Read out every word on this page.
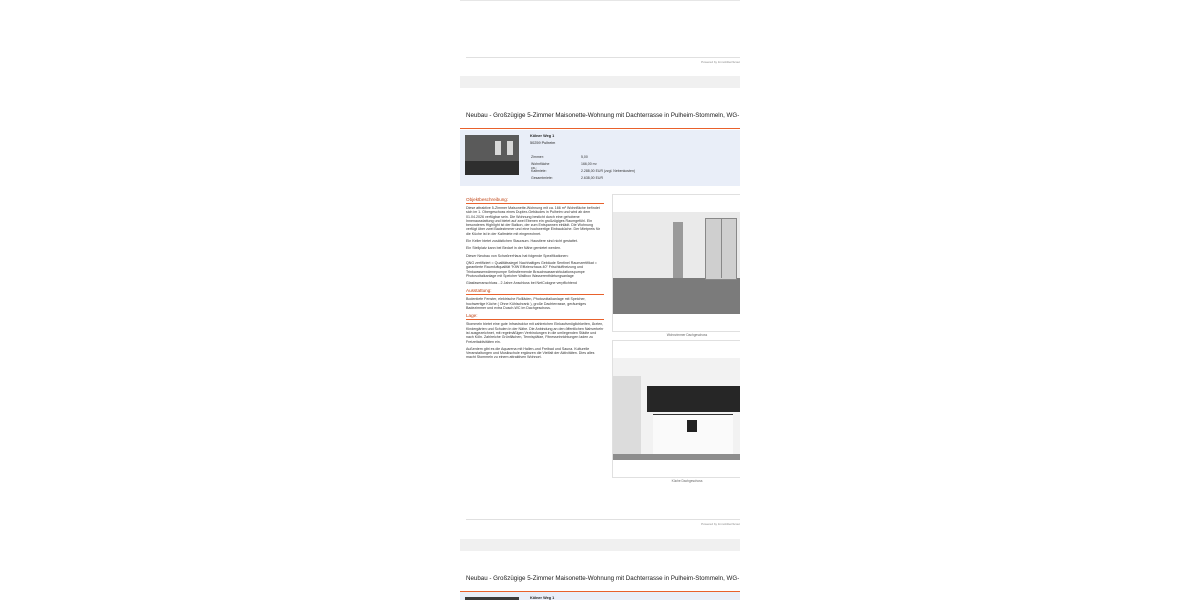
Powered by ImmobilienScout
Neubau - Großzügige 5-Zimmer Maisonette-Wohnung mit Dachterrasse in Pulheim-Stommeln, WG-
Kölner Weg 1
50259 Pulheim
Zimmer:	5,00
Wohnfläche ca.:
166,00 m²
Kaltmiete:	2.288,00 EUR (zzgl. Nebenkosten)
Gesamtmiete:	2.638,00 EUR
Objektbeschreibung:

Diese attraktive 5-Zimmer Maisonette-Wohnung mit ca. 166 m² Wohnfläche befindet sich im 1. Obergeschoss eines Duplex-Gebäudes in Pulheim und wird ab dem 01.04.2026 verfügbar sein. Die Wohnung besticht durch eine gehobene Innenausstattung und bietet auf zwei Ebenen ein großzügiges Raumgefühl. Ein besonderes Highlight ist der Balkon, der zum Entspannen einlädt. Die Wohnung verfügt über zwei Badezimmer und eine hochwertige Einbauküche. Der Mietpreis für die Küche ist in der Kaltmiete mit eingerechnet.

Ein Keller bietet zusätzlichen Stauraum. Haustiere sind nicht gestattet.

Ein Stellplatz kann bei Bedarf in der Nähe gemietet werden.

Dieser Neubau von SchwörerHaus hat folgende Spezifikationen:

QNG zertifiziert = Qualitätssiegel Nachhaltiges Gebäude Sentinel Raumzertifikat = garantierte Raumluftqualität "KfW Effizienzhaus 40" Frischluftheizung und Trinkwasserwärmepumpe Selbstlernende Brauchwasserzirkulationspumpe Photovoltaikanlage mit Speicher Wallbox Wasserenthärtungsanlage

Glasfaseranschluss - 2 Jahre Anschluss bei NetCologne verpflichtend

Ausstattung:

Bodentiefe Fenster, elektrische Rollläden, Photovoltaikanlage mit Speicher, hochwertige Küche ( Ohne Kühlschrank ), große Dachterrasse, geräumiges Badezimmer und extra Dusch-WC im Dachgeschoss.

Lage:

Stommeln bietet eine gute Infrastruktur mit zahlreichen Einkaufsmöglichkeiten, Ärzten, Kindergärten und Schulen in der Nähe. Die Anbindung an den öffentlichen Nahverkehr ist ausgezeichnet, mit regelmäßigen Verbindungen in die umliegenden Städte und nach Köln. Zahlreiche Grünflächen, Tennisplätze, Fitnesseinrichtungen laden zu Freizeitaktivitäten ein.

Außerdem gibt es die Aquarena mit Hallen-und Freibad und Sauna. Kulturelle Veranstaltungen und Musikschule ergänzen die Vielfalt der Aktivitäten. Dies alles macht Stommeln zu einem attraktiven Wohnort.

Wohnzimmer Dachgeschoss
Küche Dachgeschoss
Powered by ImmobilienScout
Neubau - Großzügige 5-Zimmer Maisonette-Wohnung mit Dachterrasse in Pulheim-Stommeln, WG-
Kölner Weg 1
